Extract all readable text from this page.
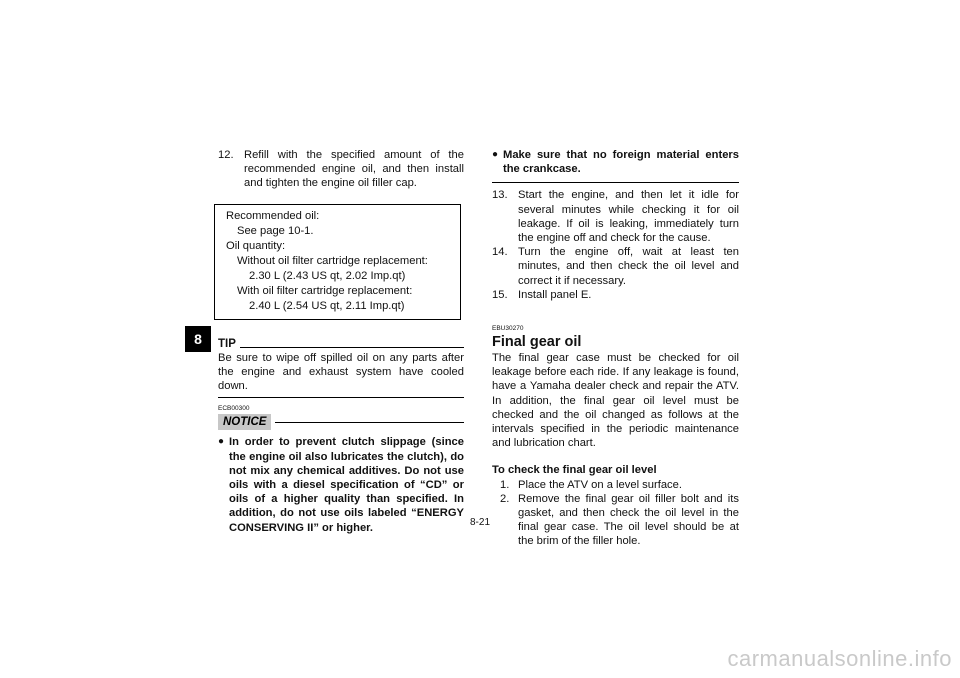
8
12. Refill with the specified amount of the recommended engine oil, and then install and tighten the engine oil filler cap.
Recommended oil:
See page 10-1.
Oil quantity:
Without oil filter cartridge replacement:
2.30 L (2.43 US qt, 2.02 Imp.qt)
With oil filter cartridge replacement:
2.40 L (2.54 US qt, 2.11 Imp.qt)
TIP
Be sure to wipe off spilled oil on any parts after the engine and exhaust system have cooled down.
ECB00300
NOTICE
● In order to prevent clutch slippage (since the engine oil also lubricates the clutch), do not mix any chemical additives. Do not use oils with a diesel specification of “CD” or oils of a higher quality than specified. In addition, do not use oils labeled “ENERGY CONSERVING II” or higher.
● Make sure that no foreign material enters the crankcase.
13. Start the engine, and then let it idle for several minutes while checking it for oil leakage. If oil is leaking, immediately turn the engine off and check for the cause.
14. Turn the engine off, wait at least ten minutes, and then check the oil level and correct it if necessary.
15. Install panel E.
EBU30270
Final gear oil
The final gear case must be checked for oil leakage before each ride. If any leakage is found, have a Yamaha dealer check and repair the ATV. In addition, the final gear oil level must be checked and the oil changed as follows at the intervals specified in the periodic maintenance and lubrication chart.
To check the final gear oil level
1. Place the ATV on a level surface.
2. Remove the final gear oil filler bolt and its gasket, and then check the oil level in the final gear case. The oil level should be at the brim of the filler hole.
8-21
carmanualsonline.info
